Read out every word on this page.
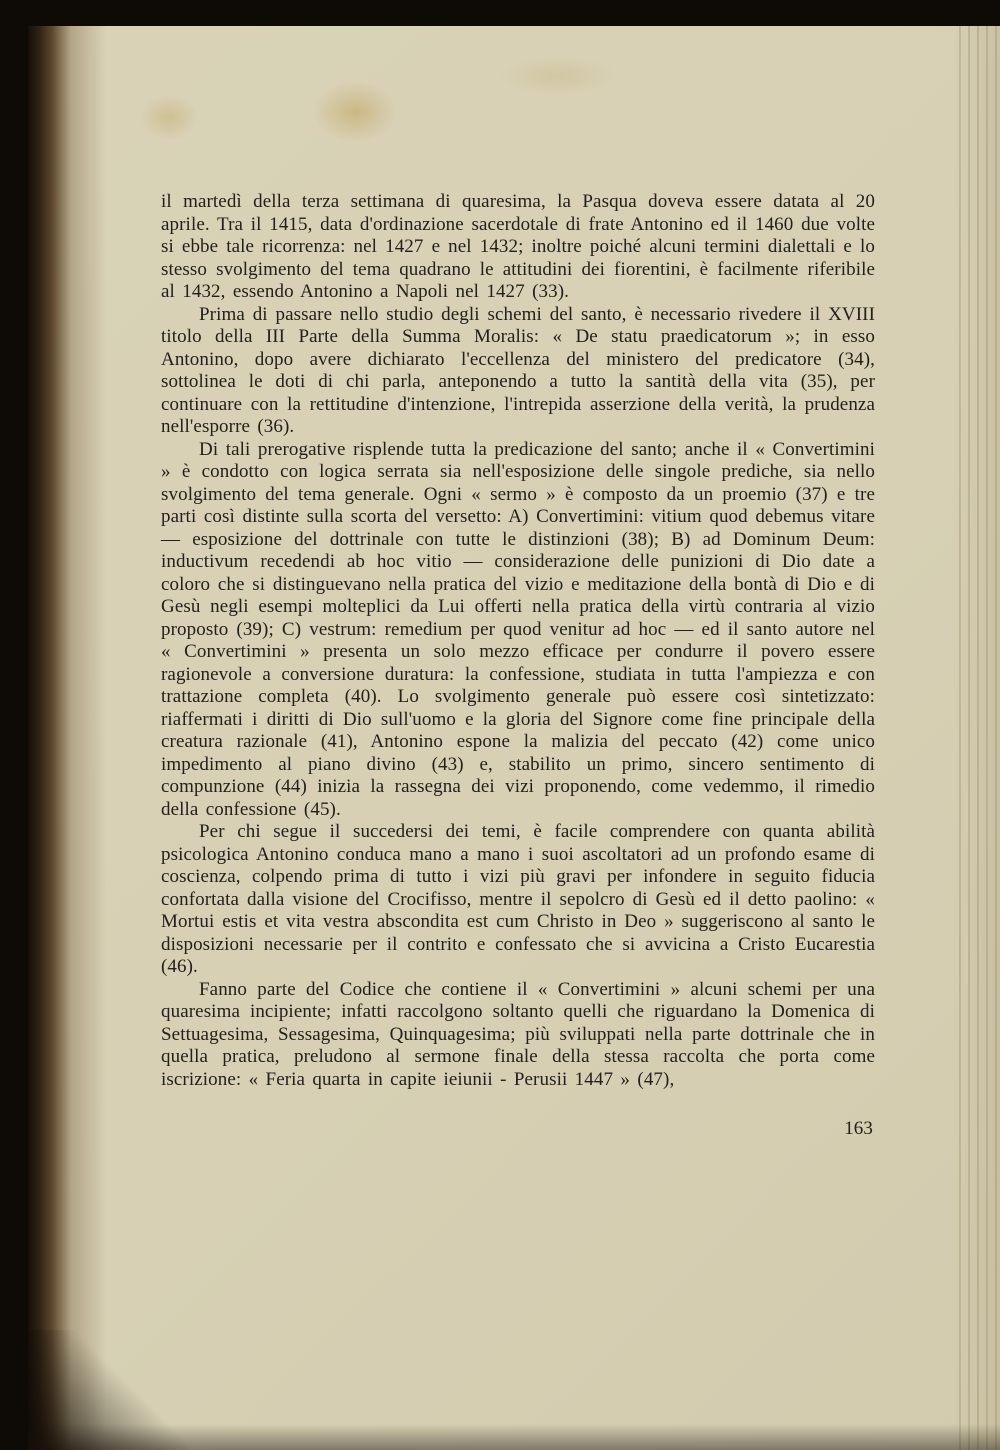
il martedì della terza settimana di quaresima, la Pasqua doveva essere datata al 20 aprile. Tra il 1415, data d'ordinazione sacerdotale di frate Antonino ed il 1460 due volte si ebbe tale ricorrenza: nel 1427 e nel 1432; inoltre poiché alcuni termini dialettali e lo stesso svolgimento del tema quadrano le attitudini dei fiorentini, è facilmente riferibile al 1432, essendo Antonino a Napoli nel 1427 (33).

Prima di passare nello studio degli schemi del santo, è necessario rivedere il XVIII titolo della III Parte della Summa Moralis: « De statu praedicatorum »; in esso Antonino, dopo avere dichiarato l'eccellenza del ministero del predicatore (34), sottolinea le doti di chi parla, anteponendo a tutto la santità della vita (35), per continuare con la rettitudine d'intenzione, l'intrepida asserzione della verità, la prudenza nell'esporre (36).

Di tali prerogative risplende tutta la predicazione del santo; anche il « Convertimini » è condotto con logica serrata sia nell'esposizione delle singole prediche, sia nello svolgimento del tema generale. Ogni « sermo » è composto da un proemio (37) e tre parti così distinte sulla scorta del versetto: A) Convertimini: vitium quod debemus vitare — esposizione del dottrinale con tutte le distinzioni (38); B) ad Dominum Deum: inductivum recedendi ab hoc vitio — considerazione delle punizioni di Dio date a coloro che si distinguevano nella pratica del vizio e meditazione della bontà di Dio e di Gesù negli esempi molteplici da Lui offerti nella pratica della virtù contraria al vizio proposto (39); C) vestrum: remedium per quod venitur ad hoc — ed il santo autore nel « Convertimini » presenta un solo mezzo efficace per condurre il povero essere ragionevole a conversione duratura: la confessione, studiata in tutta l'ampiezza e con trattazione completa (40). Lo svolgimento generale può essere così sintetizzato: riaffermati i diritti di Dio sull'uomo e la gloria del Signore come fine principale della creatura razionale (41), Antonino espone la malizia del peccato (42) come unico impedimento al piano divino (43) e, stabilito un primo, sincero sentimento di compunzione (44) inizia la rassegna dei vizi proponendo, come vedemmo, il rimedio della confessione (45).

Per chi segue il succedersi dei temi, è facile comprendere con quanta abilità psicologica Antonino conduca mano a mano i suoi ascoltatori ad un profondo esame di coscienza, colpendo prima di tutto i vizi più gravi per infondere in seguito fiducia confortata dalla visione del Crocifisso, mentre il sepolcro di Gesù ed il detto paolino: « Mortui estis et vita vestra abscondita est cum Christo in Deo » suggeriscono al santo le disposizioni necessarie per il contrito e confessato che si avvicina a Cristo Eucarestia (46).

Fanno parte del Codice che contiene il « Convertimini » alcuni schemi per una quaresima incipiente; infatti raccolgono soltanto quelli che riguardano la Domenica di Settuagesima, Sessagesima, Quinquagesima; più sviluppati nella parte dottrinale che in quella pratica, preludono al sermone finale della stessa raccolta che porta come iscrizione: « Feria quarta in capite ieiunii - Perusii 1447 » (47),

163
